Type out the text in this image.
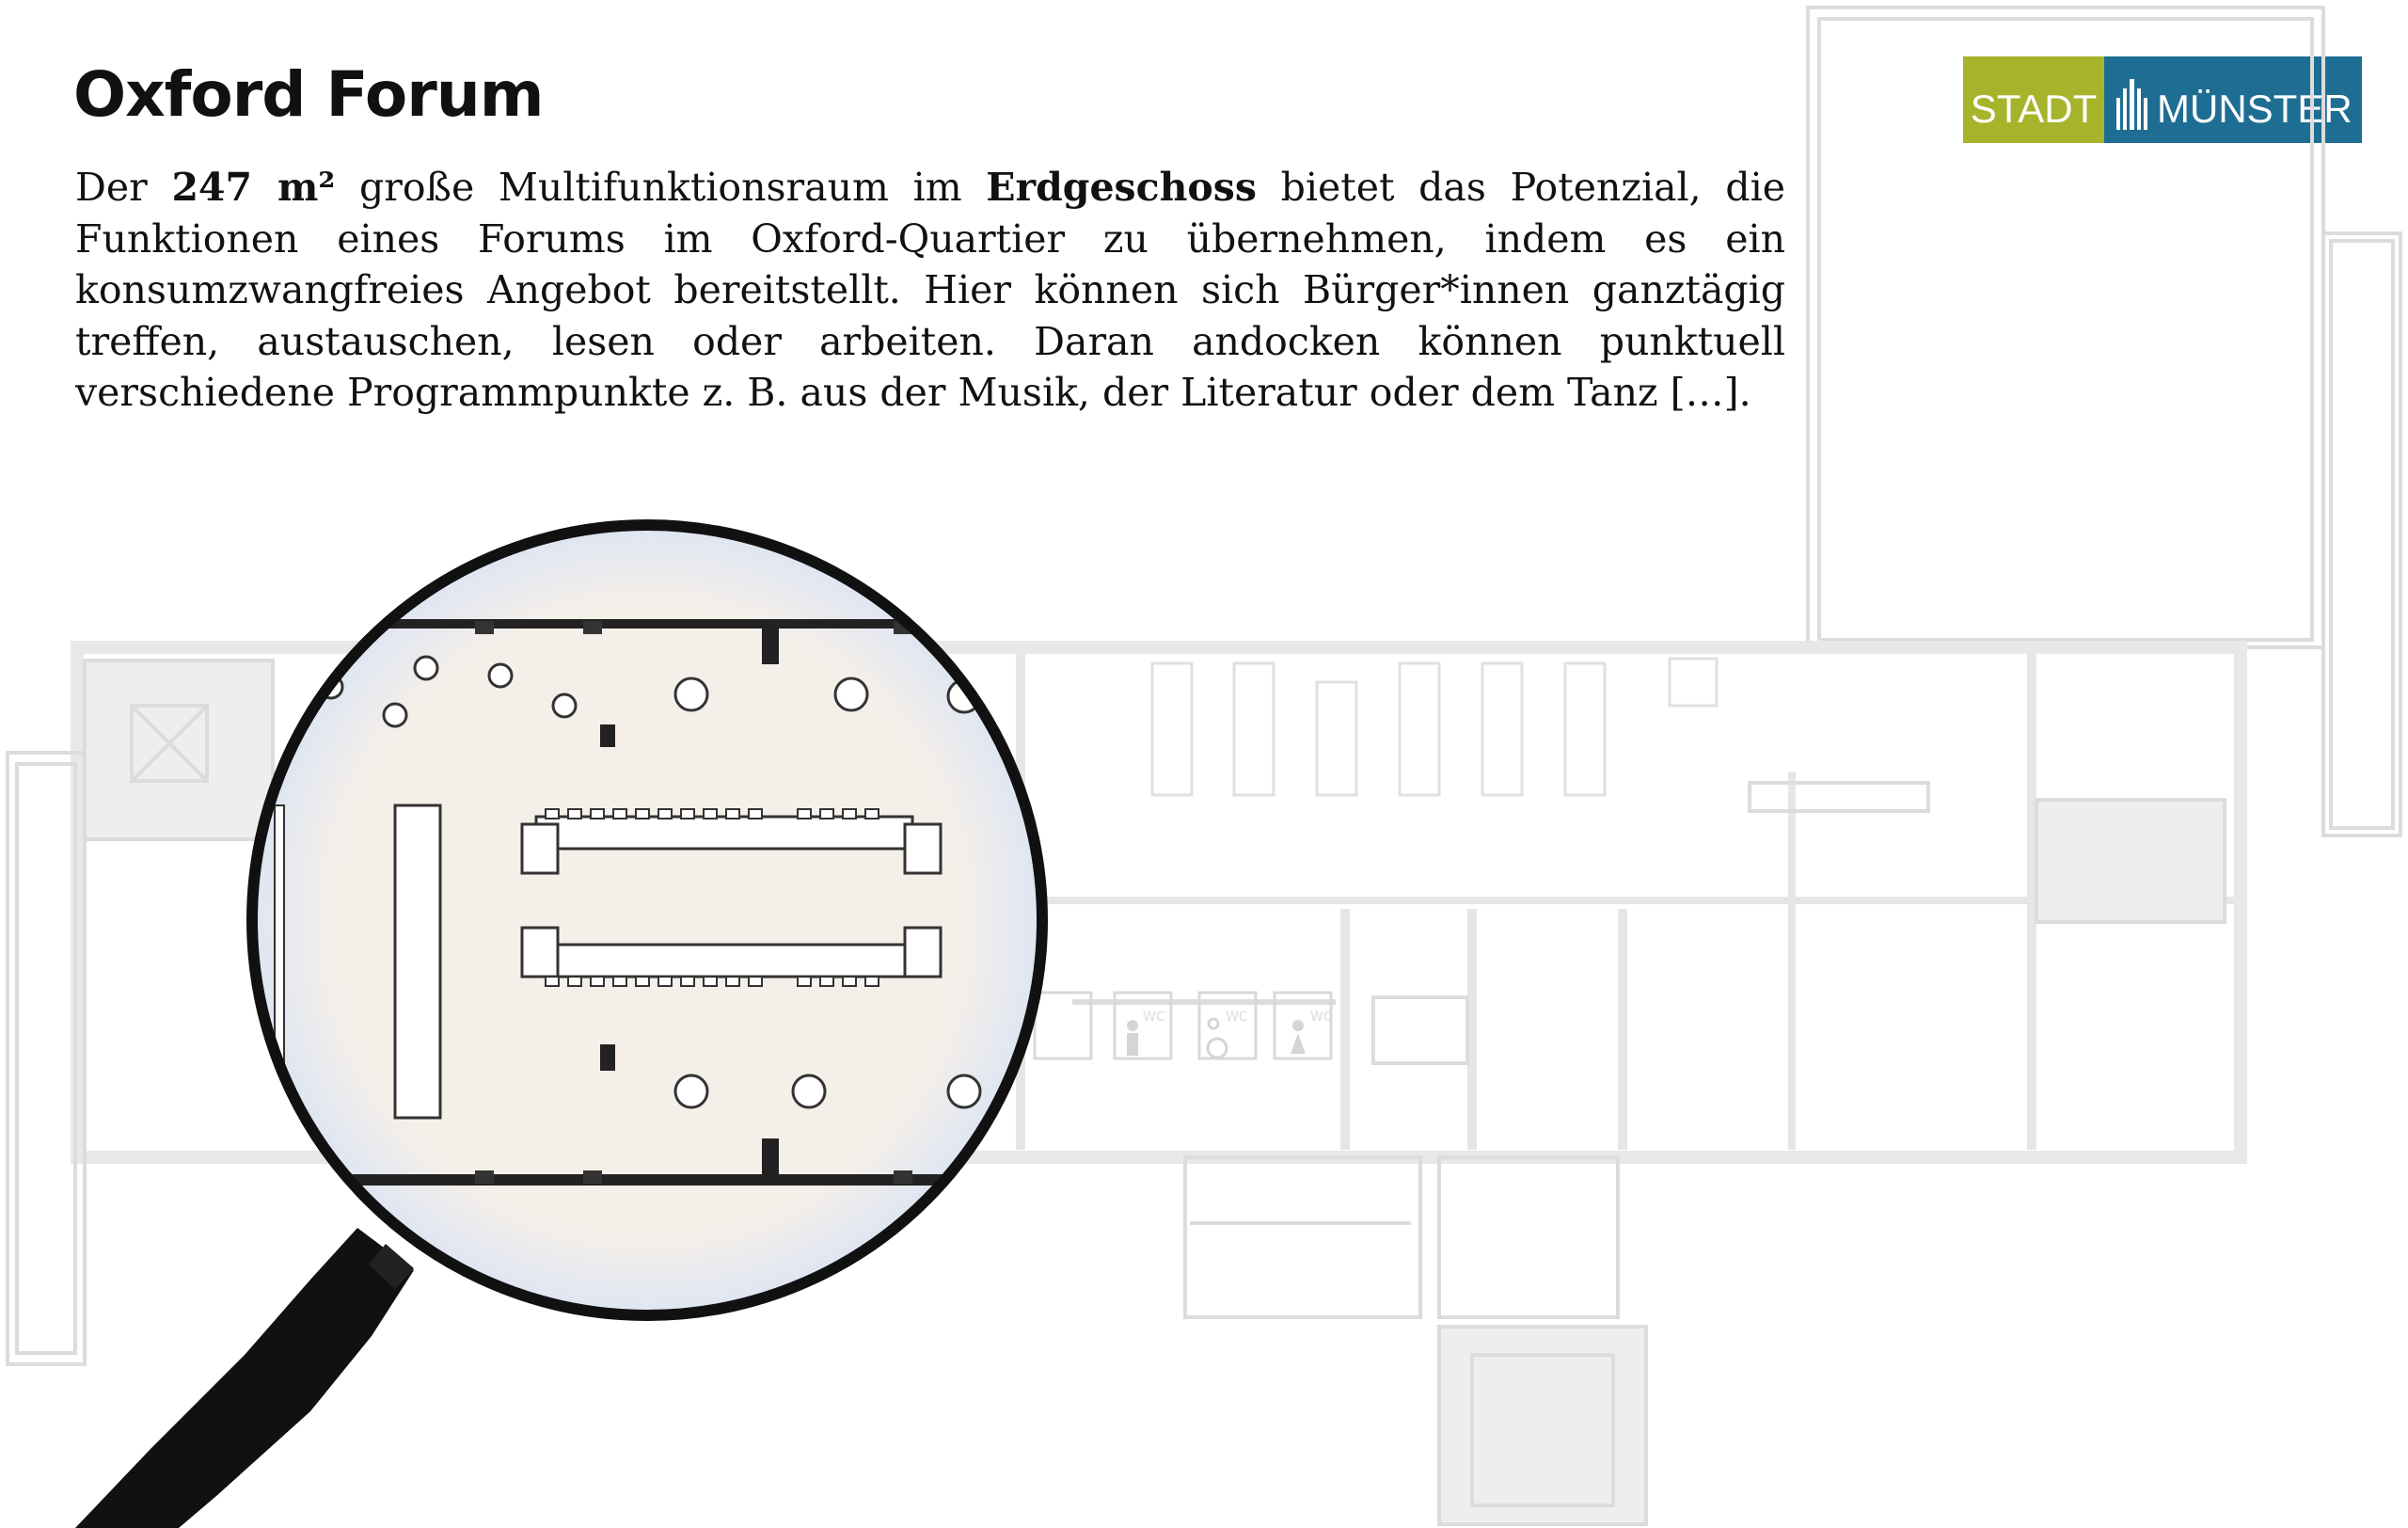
Oxford Forum

Der 247 m² große Multifunktionsraum im Erdgeschoss bietet das Potenzial, die Funktionen eines Forums im Oxford-Quartier zu übernehmen, indem es ein konsumzwangfreies Angebot bereitstellt. Hier können sich Bürger*innen ganztägig treffen, austauschen, lesen oder arbeiten. Daran andocken können punktuell verschiedene Programmpunkte z. B. aus der Musik, der Literatur oder dem Tanz […].

STADT MÜNSTER
WC	WC	WC
